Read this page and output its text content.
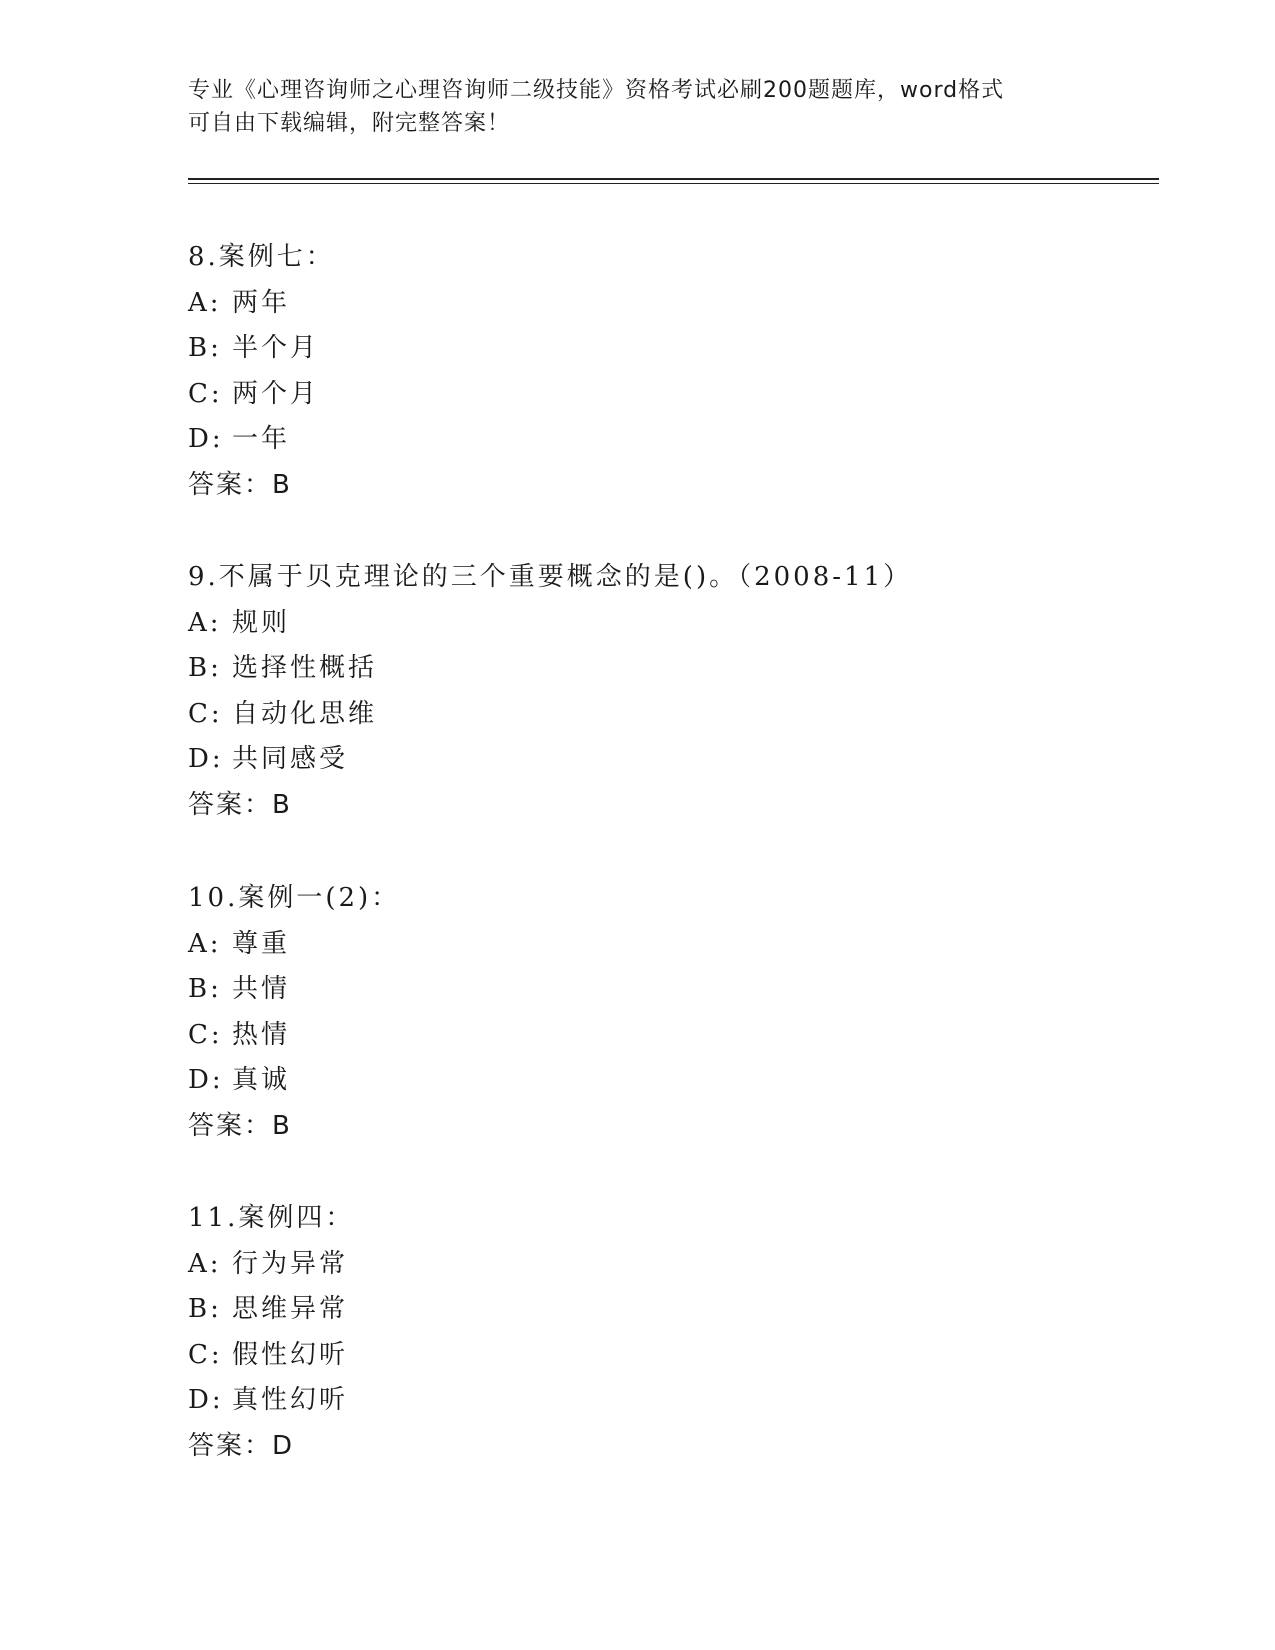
专业《心理咨询师之心理咨询师二级技能》资格考试必刷200题题库，word格式
可自由下载编辑，附完整答案！
8.案例七：
A: 两年
B: 半个月
C: 两个月
D: 一年
答案：B
9.不属于贝克理论的三个重要概念的是()。（2008-11）
A: 规则
B: 选择性概括
C: 自动化思维
D: 共同感受
答案：B
10.案例一(2)：
A: 尊重
B: 共情
C: 热情
D: 真诚
答案：B
11.案例四：
A: 行为异常
B: 思维异常
C: 假性幻听
D: 真性幻听
答案：D
